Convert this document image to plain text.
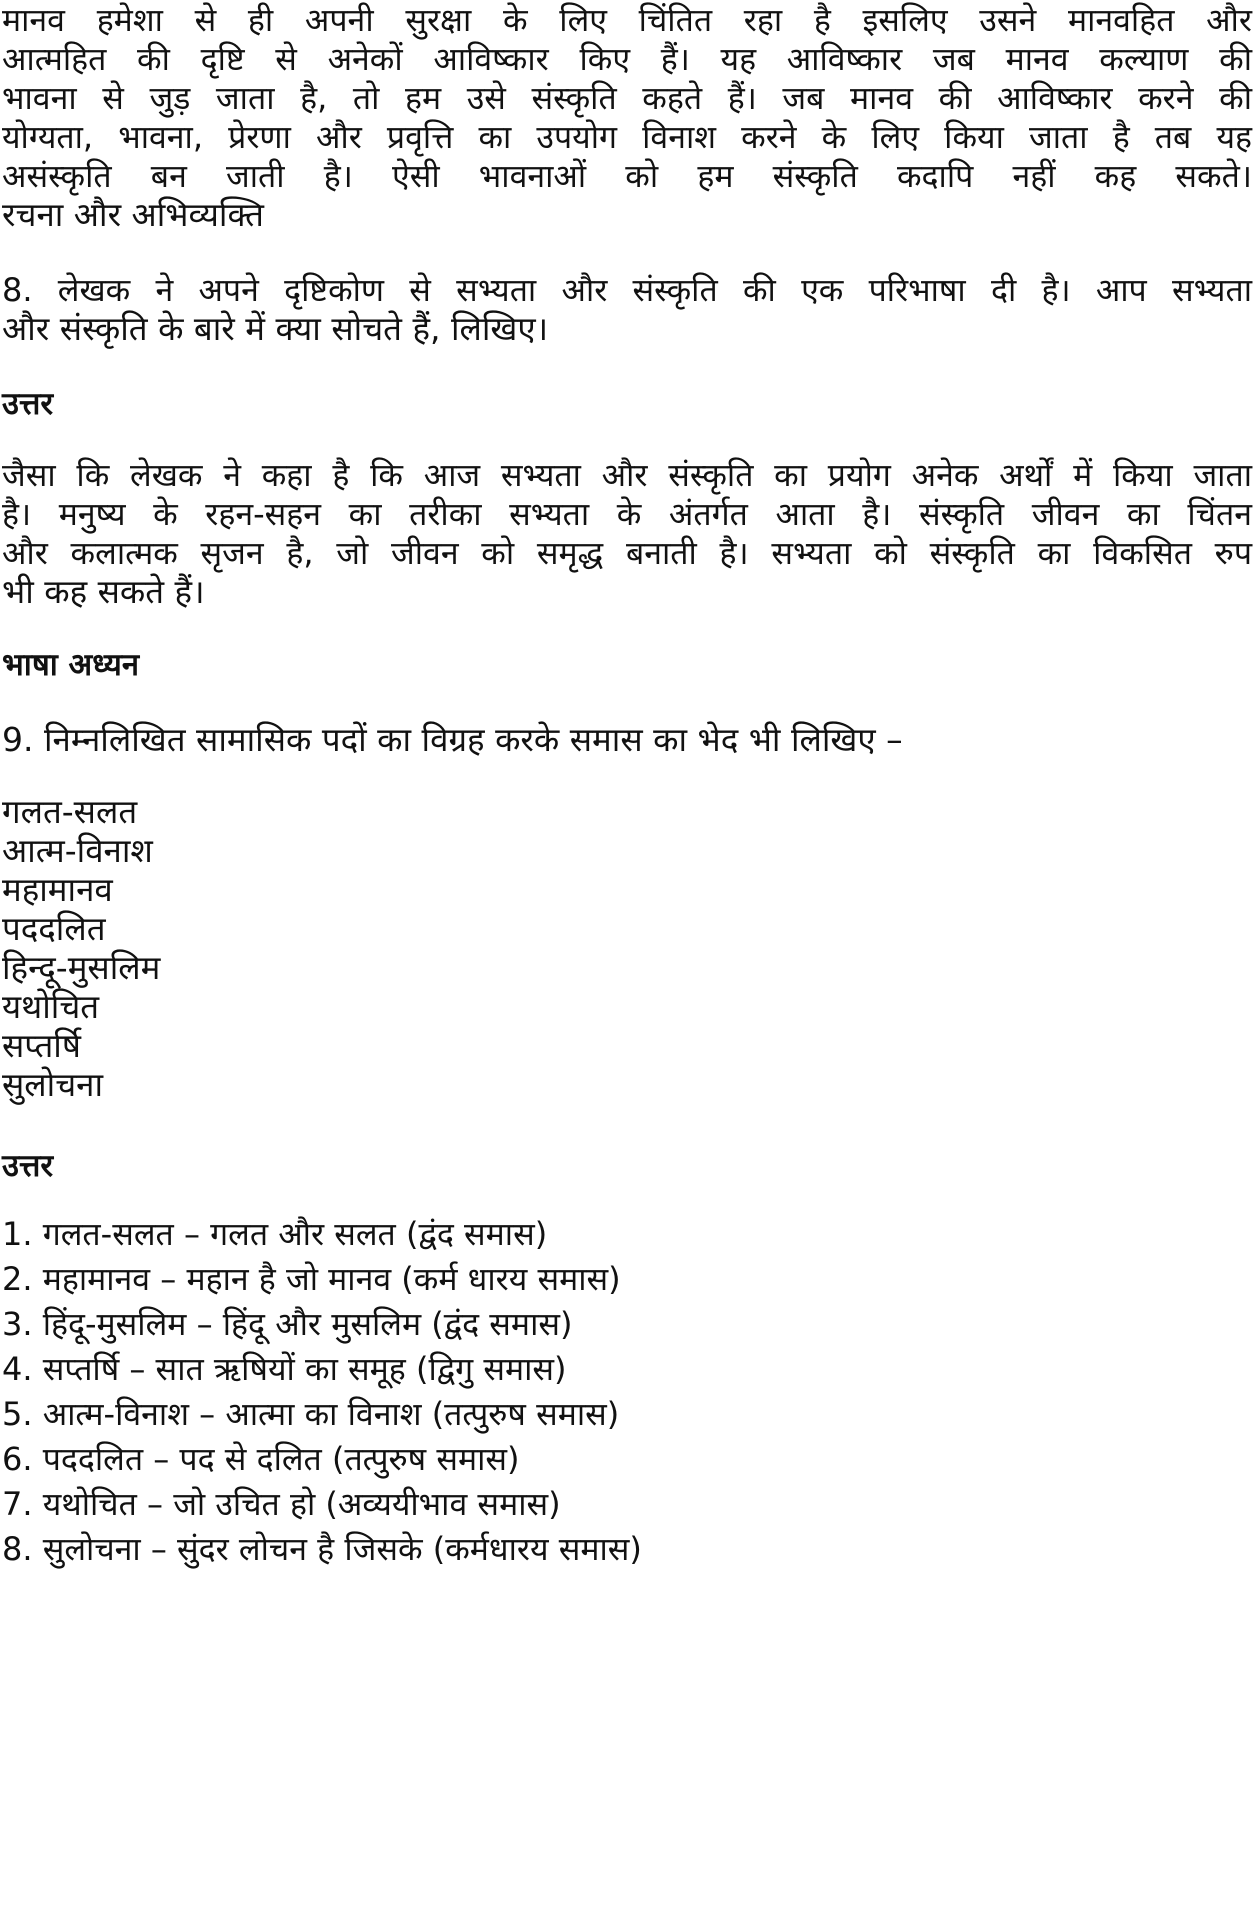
मानव हमेशा से ही अपनी सुरक्षा के लिए चिंतित रहा है इसलिए उसने मानवहित और
आत्महित की दृष्टि से अनेकों आविष्कार किए हैं। यह आविष्कार जब मानव कल्याण की
भावना से जुड़ जाता है, तो हम उसे संस्कृति कहते हैं। जब मानव की आविष्कार करने की
योग्यता, भावना, प्रेरणा और प्रवृत्ति का उपयोग विनाश करने के लिए किया जाता है तब यह
असंस्कृति बन जाती है। ऐसी भावनाओं को हम संस्कृति कदापि नहीं कह सकते।
रचना और अभिव्यक्ति
8. लेखक ने अपने दृष्टिकोण से सभ्यता और संस्कृति की एक परिभाषा दी है। आप सभ्यता
और संस्कृति के बारे में क्या सोचते हैं, लिखिए।
उत्तर
जैसा कि लेखक ने कहा है कि आज सभ्यता और संस्कृति का प्रयोग अनेक अर्थों में किया जाता
है। मनुष्य के रहन-सहन का तरीका सभ्यता के अंतर्गत आता है। संस्कृति जीवन का चिंतन
और कलात्मक सृजन है, जो जीवन को समृद्ध बनाती है। सभ्यता को संस्कृति का विकसित रुप
भी कह सकते हैं।
भाषा अध्यन
9. निम्नलिखित सामासिक पदों का विग्रह करके समास का भेद भी लिखिए –
गलत-सलत
आत्म-विनाश
महामानव
पददलित
हिन्दू-मुसलिम
यथोचित
सप्तर्षि
सुलोचना
उत्तर
1. गलत-सलत – गलत और सलत (द्वंद समास)
2. महामानव – महान है जो मानव (कर्म धारय समास)
3. हिंदू-मुसलिम – हिंदू और मुसलिम (द्वंद समास)
4. सप्तर्षि – सात ऋषियों का समूह (द्विगु समास)
5. आत्म-विनाश – आत्मा का विनाश (तत्पुरुष समास)
6. पददलित – पद से दलित (तत्पुरुष समास)
7. यथोचित – जो उचित हो (अव्ययीभाव समास)
8. सुलोचना – सुंदर लोचन है जिसके (कर्मधारय समास)
